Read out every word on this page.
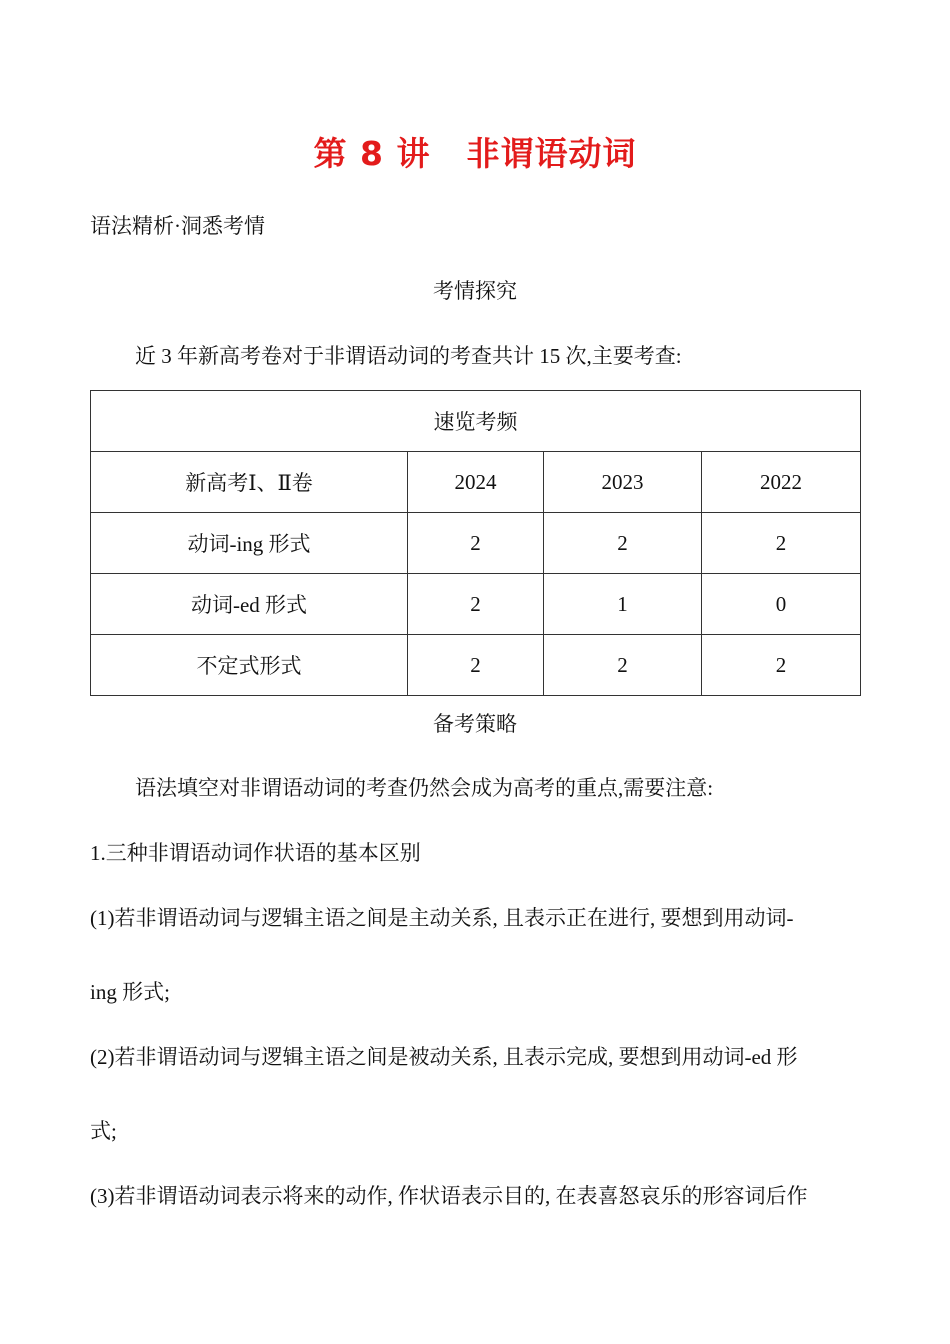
第 8 讲 非谓语动词
语法精析·洞悉考情
考情探究
近 3 年新高考卷对于非谓语动词的考查共计 15 次,主要考查:
速览考频			
新高考Ⅰ、Ⅱ卷	2024	2023	2022
动词-ing 形式	2	2	2
动词-ed 形式	2	1	0
不定式形式	2	2	2
备考策略
语法填空对非谓语动词的考查仍然会成为高考的重点,需要注意:
1.三种非谓语动词作状语的基本区别
(1)若非谓语动词与逻辑主语之间是主动关系, 且表示正在进行, 要想到用动词-
ing 形式;
(2)若非谓语动词与逻辑主语之间是被动关系, 且表示完成, 要想到用动词-ed 形
式;
(3)若非谓语动词表示将来的动作, 作状语表示目的, 在表喜怒哀乐的形容词后作
